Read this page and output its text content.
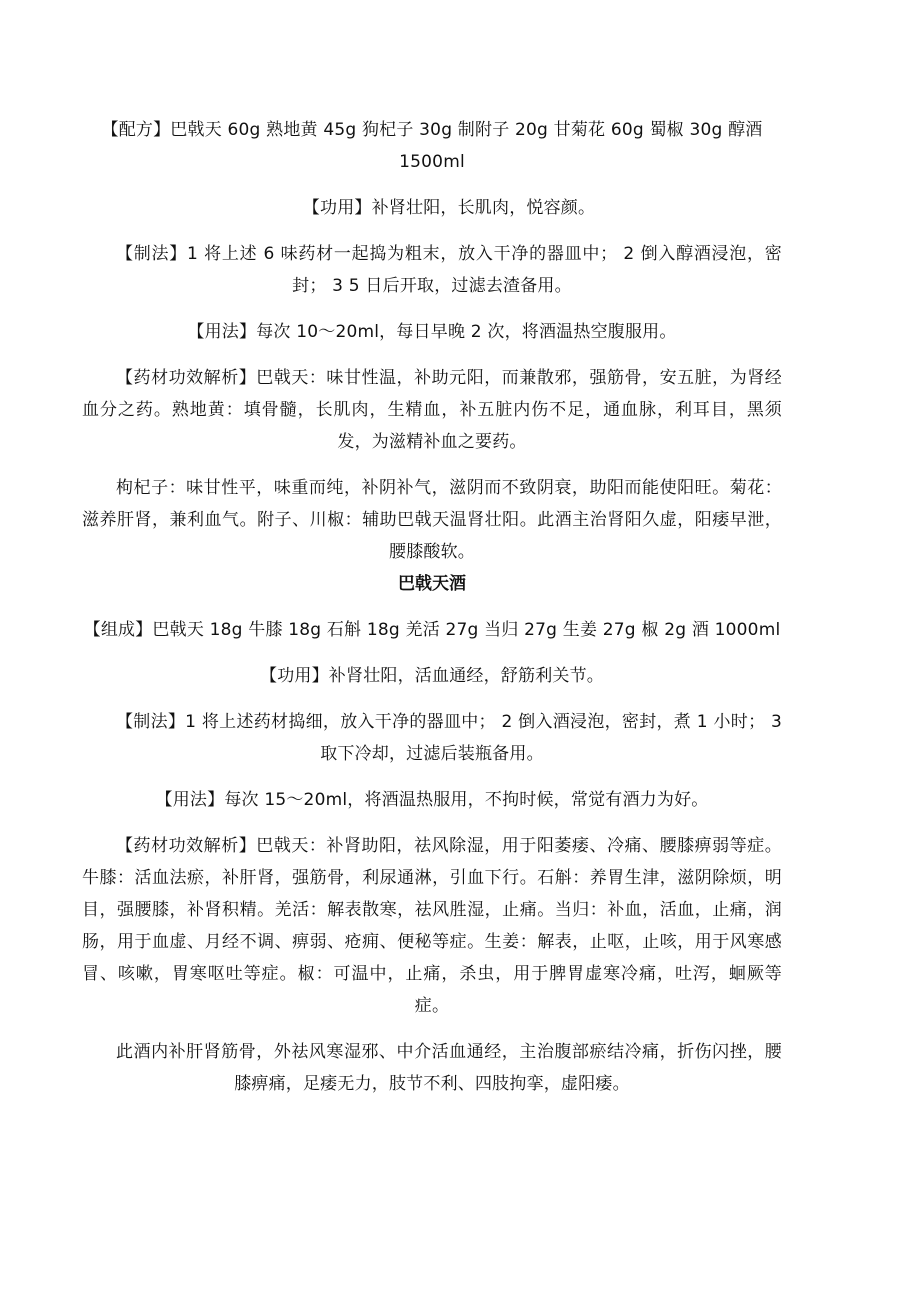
【配方】巴戟天 60g 熟地黄 45g 狗杞子 30g 制附子 20g 甘菊花 60g 蜀椒 30g 醇酒 1500ml

【功用】补肾壮阳，长肌肉，悦容颜。

【制法】1 将上述 6 味药材一起捣为粗末，放入干净的器皿中； 2 倒入醇酒浸泡，密封； 3 5 日后开取，过滤去渣备用。

【用法】每次 10～20ml，每日早晚 2 次，将酒温热空腹服用。

【药材功效解析】巴戟天：味甘性温，补助元阳，而兼散邪，强筋骨，安五脏，为肾经血分之药。熟地黄：填骨髓，长肌肉，生精血，补五脏内伤不足，通血脉，利耳目，黑须发，为滋精补血之要药。

枸杞子：味甘性平，味重而纯，补阴补气，滋阴而不致阴衰，助阳而能使阳旺。菊花：滋养肝肾，兼利血气。附子、川椒：辅助巴戟天温肾壮阳。此酒主治肾阳久虚，阳痿早泄，腰膝酸软。

巴戟天酒

【组成】巴戟天 18g 牛膝 18g 石斛 18g 羌活 27g 当归 27g 生姜 27g 椒 2g 酒 1000ml

【功用】补肾壮阳，活血通经，舒筋利关节。

【制法】1 将上述药材捣细，放入干净的器皿中； 2 倒入酒浸泡，密封，煮 1 小时； 3 取下冷却，过滤后装瓶备用。

【用法】每次 15～20ml，将酒温热服用，不拘时候，常觉有酒力为好。

【药材功效解析】巴戟天：补肾助阳，祛风除湿，用于阳萎痿、冷痛、腰膝痹弱等症。牛膝：活血法瘀，补肝肾，强筋骨，利尿通淋，引血下行。石斛：养胃生津，滋阴除烦，明目，强腰膝，补肾积精。羌活：解表散寒，祛风胜湿，止痛。当归：补血，活血，止痛，润肠，用于血虚、月经不调、痹弱、疮痈、便秘等症。生姜：解表，止呕，止咳，用于风寒感冒、咳嗽，胃寒呕吐等症。椒：可温中，止痛，杀虫，用于脾胃虚寒冷痛，吐泻，蛔厥等症。

此酒内补肝肾筋骨，外祛风寒湿邪、中介活血通经，主治腹部瘀结冷痛，折伤闪挫，腰膝痹痛，足痿无力，肢节不利、四肢拘挛，虚阳痿。
